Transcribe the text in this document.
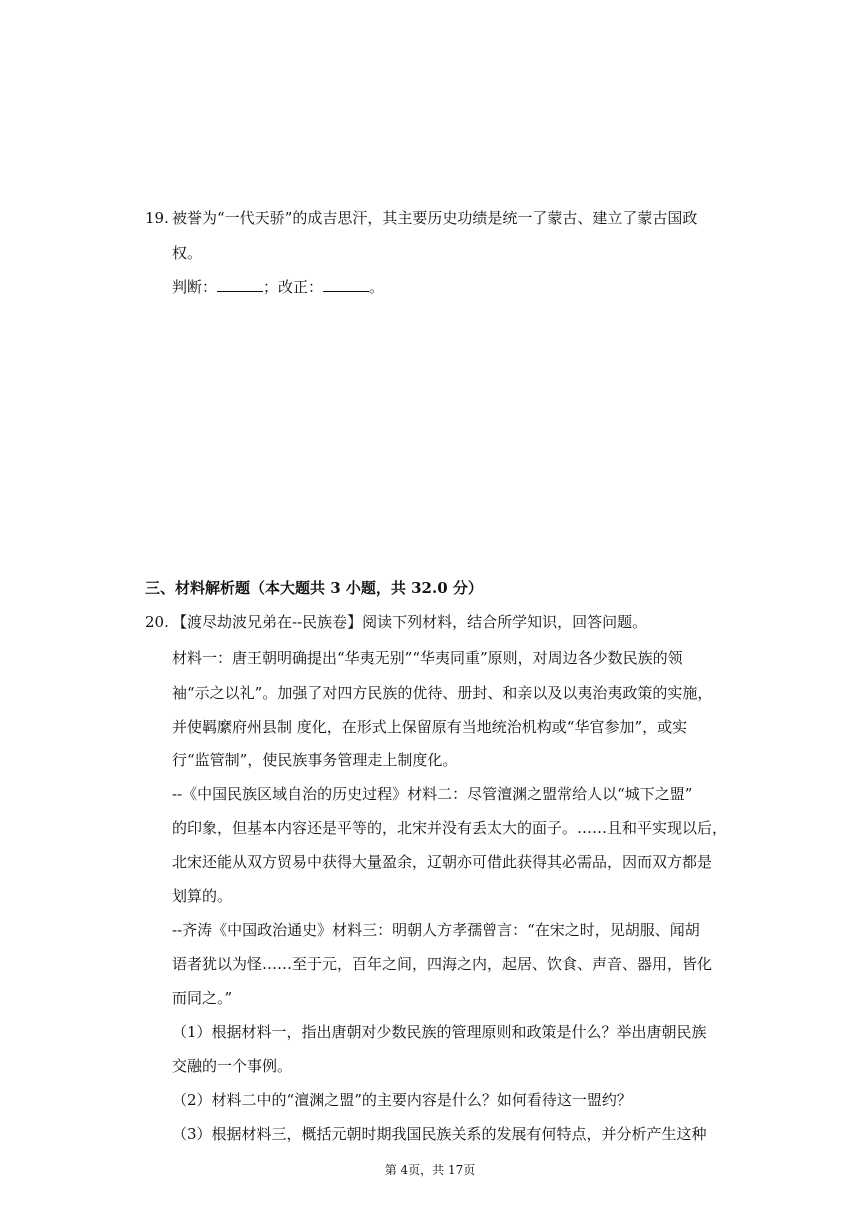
19. 被誉为“一代天骄”的成吉思汗，其主要历史功绩是统一了蒙古、建立了蒙古国政
权。
判断：	；改正：	。
三、材料解析题（本大题共 3 小题，共 32.0 分）
20. 【渡尽劫波兄弟在--民族卷】阅读下列材料，结合所学知识，回答问题。
材料一：唐王朝明确提出“华夷无别”“华夷同重”原则，对周边各少数民族的领
袖“示之以礼”。加强了对四方民族的优待、册封、和亲以及以夷治夷政策的实施，
并使羁縻府州县制 度化，在形式上保留原有当地统治机构或“华官参加”，或实
行“监管制”，使民族事务管理走上制度化。
--《中国民族区域自治的历史过程》材料二：尽管澶渊之盟常给人以“城下之盟”
的印象，但基本内容还是平等的，北宋并没有丢太大的面子。……且和平实现以后，
北宋还能从双方贸易中获得大量盈余，辽朝亦可借此获得其必需品，因而双方都是
划算的。
--齐涛《中国政治通史》材料三：明朝人方孝孺曾言：“在宋之时，见胡服、闻胡
语者犹以为怪……至于元，百年之间，四海之内，起居、饮食、声音、器用，皆化
而同之。”
（1）根据材料一，指出唐朝对少数民族的管理原则和政策是什么？举出唐朝民族
交融的一个事例。
（2）材料二中的“澶渊之盟”的主要内容是什么？如何看待这一盟约？
（3）根据材料三，概括元朝时期我国民族关系的发展有何特点，并分析产生这种
第 4页，共 17页
